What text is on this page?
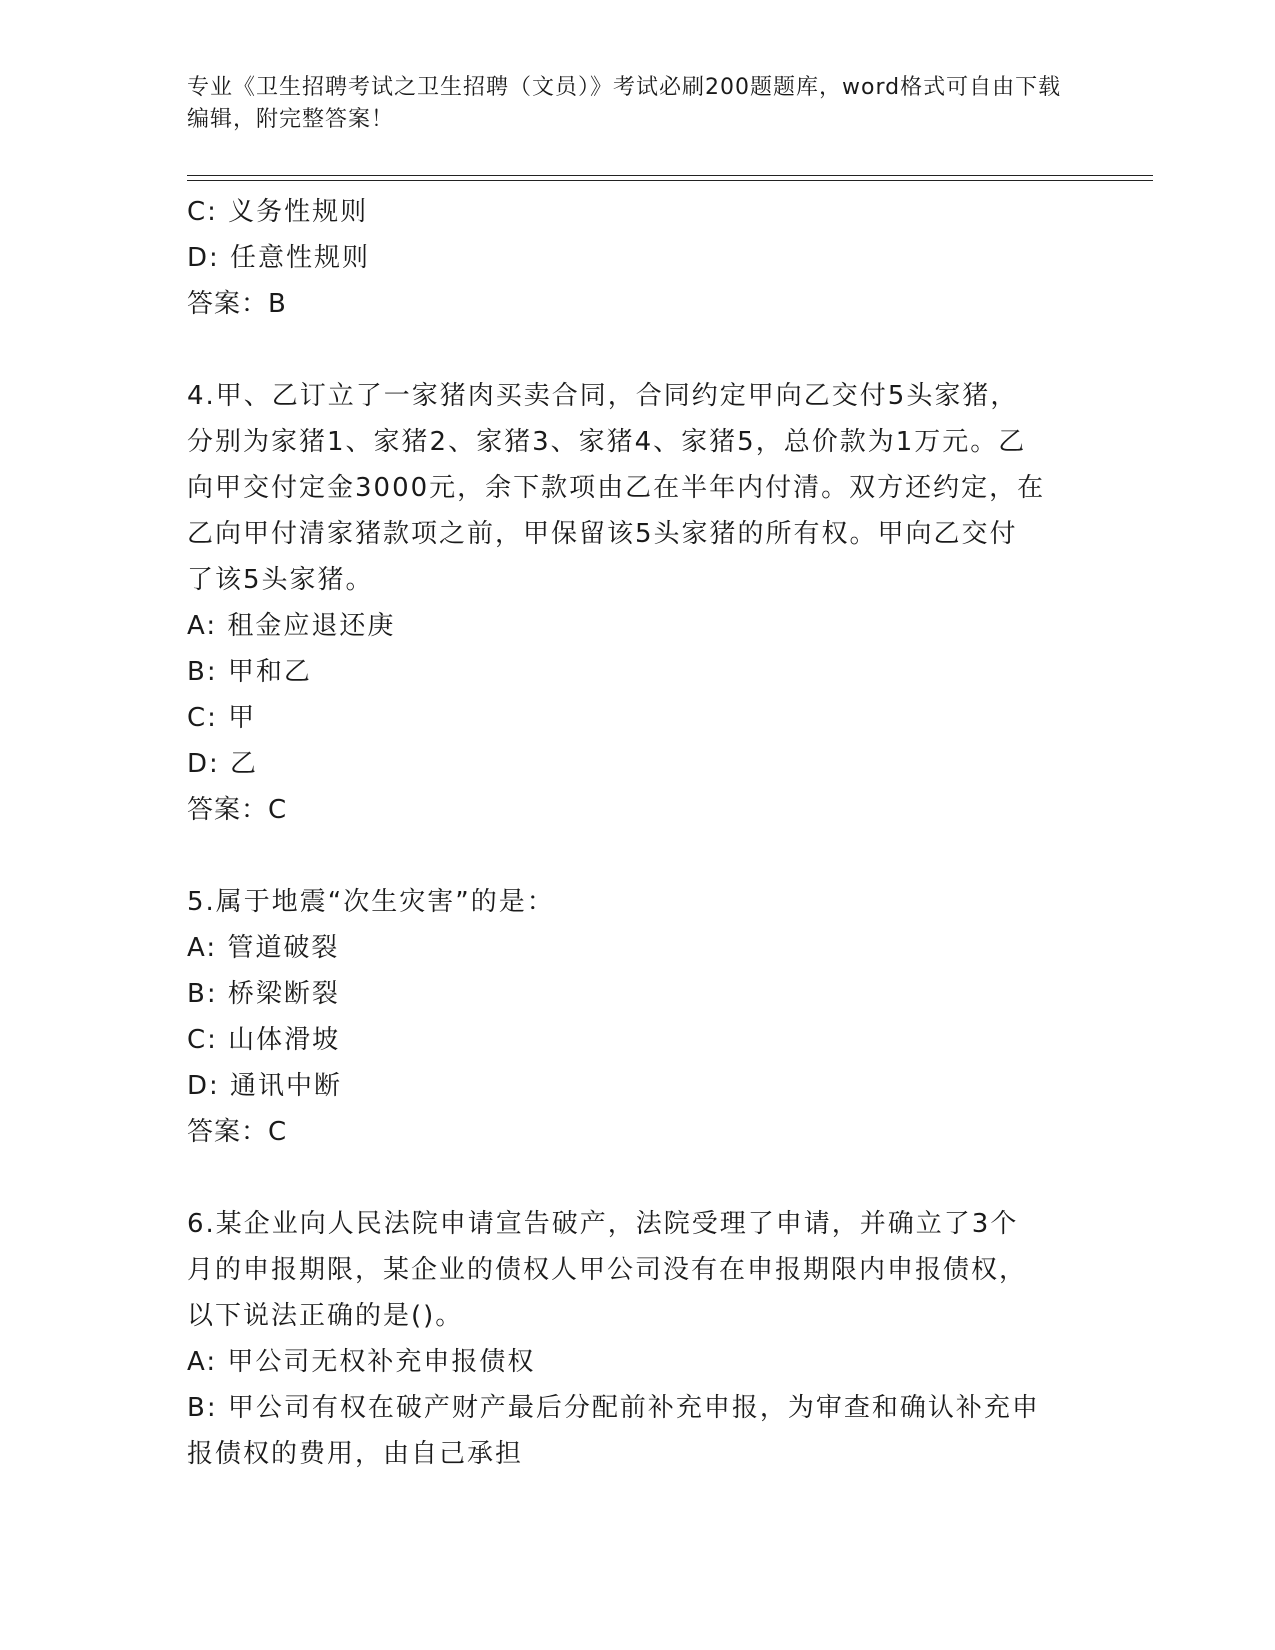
专业《卫生招聘考试之卫生招聘（文员）》考试必刷200题题库，word格式可自由下载编辑，附完整答案！
C: 义务性规则
D: 任意性规则
答案：B
4.甲、乙订立了一家猪肉买卖合同，合同约定甲向乙交付5头家猪，
分别为家猪1、家猪2、家猪3、家猪4、家猪5，总价款为1万元。乙
向甲交付定金3000元，余下款项由乙在半年内付清。双方还约定，在
乙向甲付清家猪款项之前，甲保留该5头家猪的所有权。甲向乙交付
了该5头家猪。
A: 租金应退还庚
B: 甲和乙
C: 甲
D: 乙
答案：C
5.属于地震“次生灾害”的是：
A: 管道破裂
B: 桥梁断裂
C: 山体滑坡
D: 通讯中断
答案：C
6.某企业向人民法院申请宣告破产，法院受理了申请，并确立了3个
月的申报期限，某企业的债权人甲公司没有在申报期限内申报债权，
以下说法正确的是()。
A: 甲公司无权补充申报债权
B: 甲公司有权在破产财产最后分配前补充申报，为审查和确认补充申
报债权的费用，由自己承担
